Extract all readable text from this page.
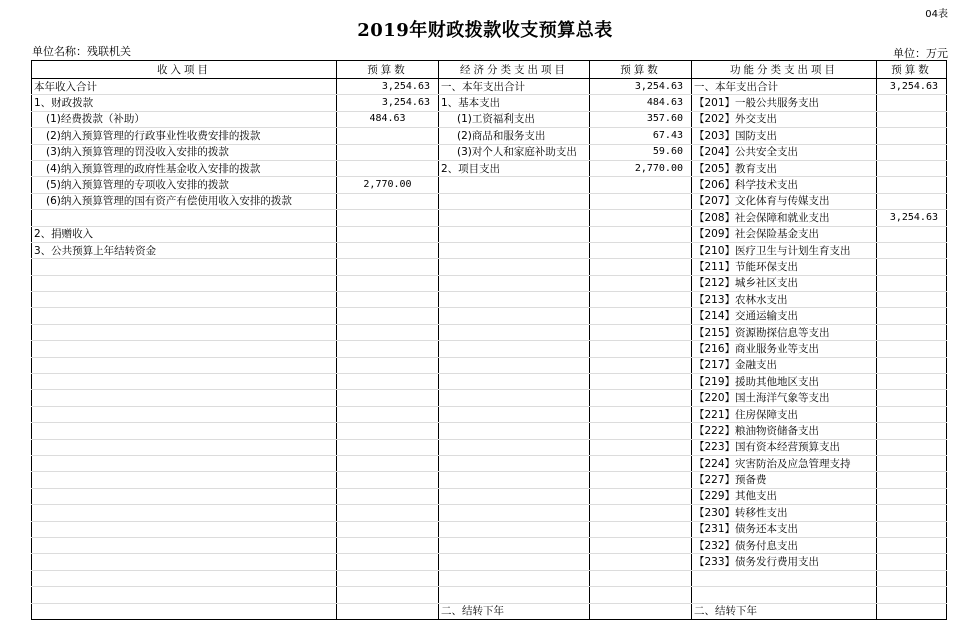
04表
2019年财政拨款收支预算总表
单位名称：残联机关	单位：万元
收入项目	预算数	经济分类支出项目	预算数	功能分类支出项目	预算数
本年收入合计	3,254.63	一、本年支出合计	3,254.63	一、本年支出合计	3,254.63
1、财政拨款	3,254.63	1、基本支出	484.63	【201】一般公共服务支出	
(1)经费拨款（补助）	484.63	(1)工资福利支出	357.60	【202】外交支出	
(2)纳入预算管理的行政事业性收费安排的拨款		(2)商品和服务支出	67.43	【203】国防支出	
(3)纳入预算管理的罚没收入安排的拨款		(3)对个人和家庭补助支出	59.60	【204】公共安全支出	
(4)纳入预算管理的政府性基金收入安排的拨款		2、项目支出	2,770.00	【205】教育支出	
(5)纳入预算管理的专项收入安排的拨款	2,770.00			【206】科学技术支出	
(6)纳入预算管理的国有资产有偿使用收入安排的拨款				【207】文化体育与传媒支出	
				【208】社会保障和就业支出	3,254.63
2、捐赠收入				【209】社会保险基金支出	
3、公共预算上年结转资金				【210】医疗卫生与计划生育支出	
				【211】节能环保支出	
				【212】城乡社区支出	
				【213】农林水支出	
				【214】交通运输支出	
				【215】资源勘探信息等支出	
				【216】商业服务业等支出	
				【217】金融支出	
				【219】援助其他地区支出	
				【220】国土海洋气象等支出	
				【221】住房保障支出	
				【222】粮油物资储备支出	
				【223】国有资本经营预算支出	
				【224】灾害防治及应急管理支持	
				【227】预备费	
				【229】其他支出	
				【230】转移性支出	
				【231】债务还本支出	
				【232】债务付息支出	
				【233】债务发行费用支出	

		二、结转下年		二、结转下年	
